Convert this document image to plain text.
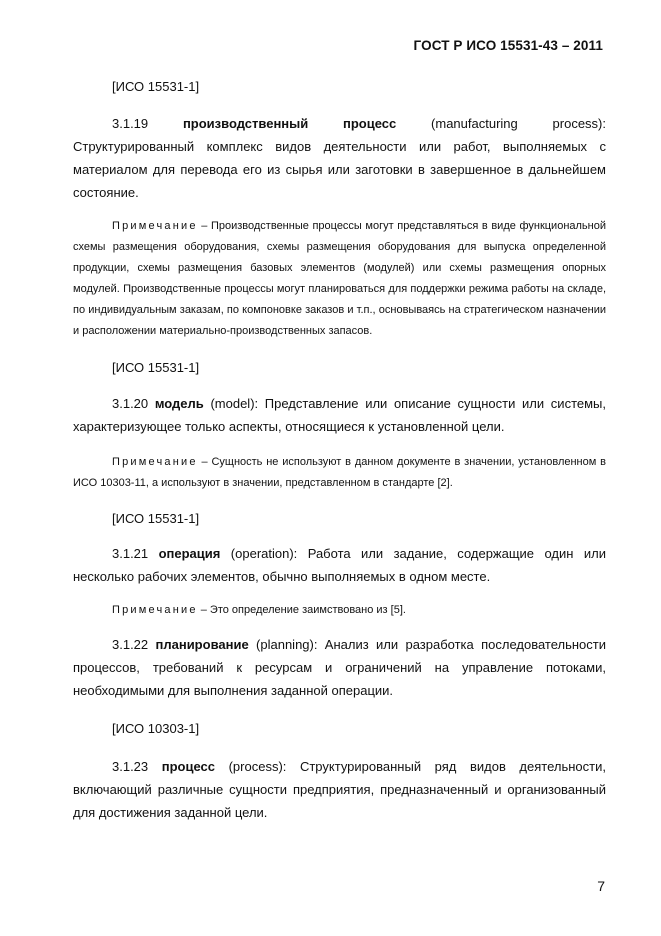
ГОСТ Р ИСО 15531-43 – 2011

[ИСО 15531-1]

3.1.19	производственный процесс	(manufacturing process): Структурированный комплекс видов деятельности или работ, выполняемых с материалом для перевода его из сырья или заготовки в завершенное в дальнейшем состояние.

Примечание – Производственные процессы могут представляться в виде функциональной схемы размещения оборудования, схемы размещения оборудования для выпуска определенной продукции, схемы размещения базовых элементов (модулей) или схемы размещения опорных модулей. Производственные процессы могут планироваться для поддержки режима работы на складе, по индивидуальным заказам, по компоновке заказов и т.п., основываясь на стратегическом назначении и расположении материально-производственных запасов.

[ИСО 15531-1]

3.1.20 модель (model): Представление или описание сущности или системы, характеризующее только аспекты, относящиеся к установленной цели.

Примечание – Сущность не используют в данном документе в значении, установленном в ИСО 10303-11, а используют в значении, представленном в стандарте [2].

[ИСО 15531-1]

3.1.21 операция (operation): Работа или задание, содержащие один или несколько рабочих элементов, обычно выполняемых в одном месте.

Примечание – Это определение заимствовано из [5].

3.1.22 планирование (planning): Анализ или разработка последовательности процессов, требований к ресурсам и ограничений на управление потоками, необходимыми для выполнения заданной операции.

[ИСО 10303-1]

3.1.23 процесс (process): Структурированный ряд видов деятельности, включающий различные сущности предприятия, предназначенный и организованный для достижения заданной цели.

7
